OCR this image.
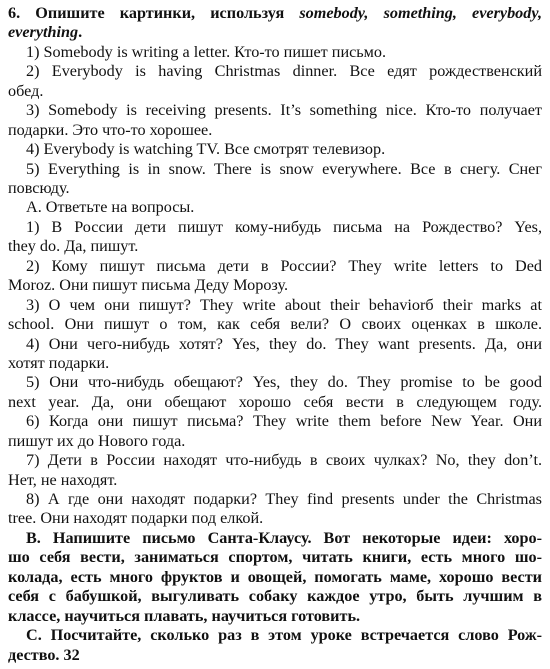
6. Опишите картинки, используя somebody, something, everybody,
everything.
1) Somebody is writing a letter. Кто-то пишет письмо.
2) Everybody is having Christmas dinner. Все едят рождественский
обед.
3) Somebody is receiving presents. It’s something nice. Кто-то получает
подарки. Это что-то хорошее.
4) Everybody is watching TV. Все смотрят телевизор.
5) Everything is in snow. There is snow everywhere. Все в снегу. Снег
повсюду.
А. Ответьте на вопросы.
1) В России дети пишут кому-нибудь письма на Рождество? Yes,
they do. Да, пишут.
2) Кому пишут письма дети в России? They write letters to Ded
Moroz. Они пишут письма Деду Морозу.
3) О чем они пишут? They write about their behaviorб their marks at
school. Они пишут о том, как себя вели? О своих оценках в школе.
4) Они чего-нибудь хотят? Yes, they do. They want presents. Да, они
хотят подарки.
5) Они что-нибудь обещают? Yes, they do. They promise to be good
next year. Да, они обещают хорошо себя вести в следующем году.
6) Когда они пишут письма? They write them before New Year. Они
пишут их до Нового года.
7) Дети в России находят что-нибудь в своих чулках? No, they don’t.
Нет, не находят.
8) А где они находят подарки? They find presents under the Christmas
tree. Они находят подарки под елкой.
В. Напишите письмо Санта-Клаусу. Вот некоторые идеи: хоро-
шо себя вести, заниматься спортом, читать книги, есть много шо-
колада, есть много фруктов и овощей, помогать маме, хорошо вести
себя с бабушкой, выгуливать собаку каждое утро, быть лучшим в
классе, научиться плавать, научиться готовить.
С. Посчитайте, сколько раз в этом уроке встречается слово Рож-
дество. 32
